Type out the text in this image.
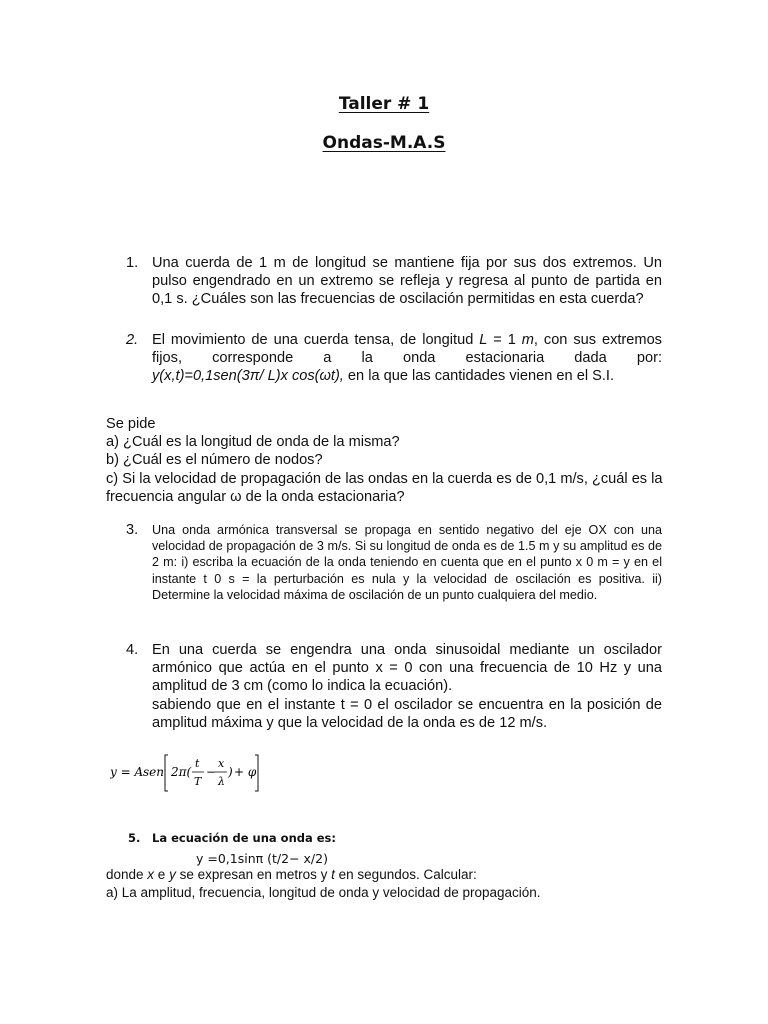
Taller # 1
Ondas-M.A.S
1. Una cuerda de 1 m de longitud se mantiene fija por sus dos extremos. Un pulso engendrado en un extremo se refleja y regresa al punto de partida en 0,1 s. ¿Cuáles son las frecuencias de oscilación permitidas en esta cuerda?
2. El movimiento de una cuerda tensa, de longitud L = 1 m, con sus extremos
fijos, corresponde a la onda estacionaria dada por:
y(x,t)=0,1sen(3π/ L)x cos(ωt), en la que las cantidades vienen en el S.I.
Se pide
a) ¿Cuál es la longitud de onda de la misma?
b) ¿Cuál es el número de nodos?
c) Si la velocidad de propagación de las ondas en la cuerda es de 0,1 m/s, ¿cuál es la frecuencia angular ω de la onda estacionaria?
3. Una onda armónica transversal se propaga en sentido negativo del eje OX con una velocidad de propagación de 3 m/s. Si su longitud de onda es de 1.5 m y su amplitud es de 2 m: i) escriba la ecuación de la onda teniendo en cuenta que en el punto x 0 m = y en el instante t 0 s = la perturbación es nula y la velocidad de oscilación es positiva. ii) Determine la velocidad máxima de oscilación de un punto cualquiera del medio.
4. En una cuerda se engendra una onda sinusoidal mediante un oscilador armónico que actúa en el punto x = 0 con una frecuencia de 10 Hz y una amplitud de 3 cm (como lo indica la ecuación).
sabiendo que en el instante t = 0 el oscilador se encuentra en la posición de amplitud máxima y que la velocidad de la onda es de 12 m/s.
y = A sen 2π(
t
T
−
x
λ
) + φ
5. La ecuación de una onda es:
y =0,1sinπ (t/2− x/2)
donde x e y se expresan en metros y t en segundos. Calcular:
a) La amplitud, frecuencia, longitud de onda y velocidad de propagación.
